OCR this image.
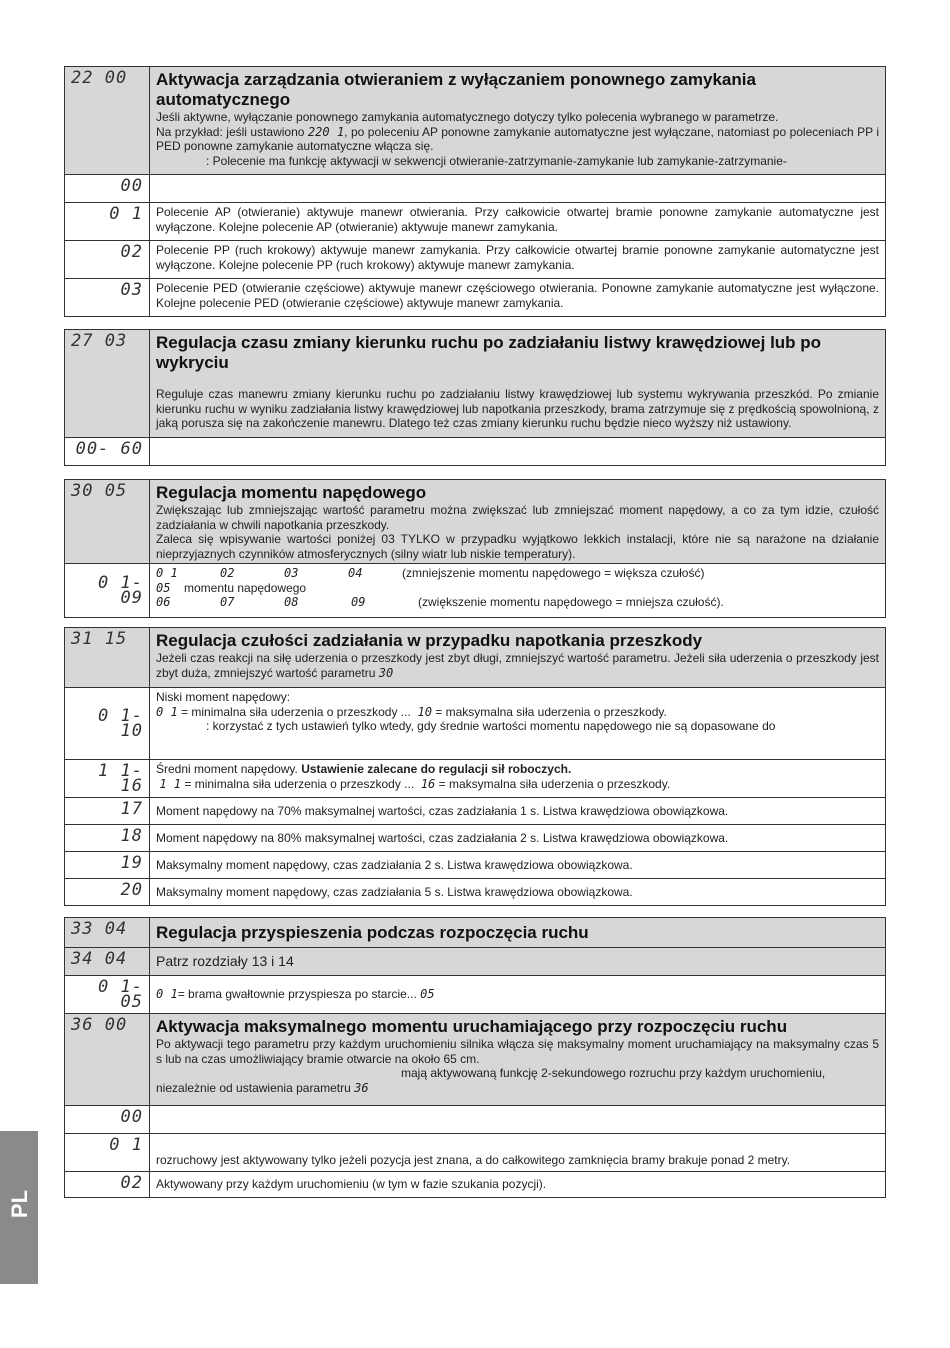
22 00	Aktywacja zarządzania otwieraniem z wyłączaniem ponownego zamykania automatycznego
Jeśli aktywne, wyłączanie ponownego zamykania automatycznego dotyczy tylko polecenia wybranego w parametrze.
Na przykład: jeśli ustawiono 220 1, po poleceniu AP ponowne zamykanie automatyczne jest wyłączane, natomiast po poleceniach PP i PED ponowne zamykanie automatyczne włącza się.
: Polecenie ma funkcję aktywacji w sekwencji otwieranie-zatrzymanie-zamykanie lub zamykanie-zatrzymanie-

00	
0 1	Polecenie AP (otwieranie) aktywuje manewr otwierania. Przy całkowicie otwartej bramie ponowne zamykanie automatyczne jest wyłączone. Kolejne polecenie AP (otwieranie) aktywuje manewr zamykania.
02	Polecenie PP (ruch krokowy) aktywuje manewr zamykania. Przy całkowicie otwartej bramie ponowne zamykanie automatyczne jest wyłączone. Kolejne polecenie PP (ruch krokowy) aktywuje manewr zamykania.
03	Polecenie PED (otwieranie częściowe) aktywuje manewr częściowego otwierania. Ponowne zamykanie automatyczne jest wyłączone. Kolejne polecenie PED (otwieranie częściowe) aktywuje manewr zamykania.
27 03	Regulacja czasu zmiany kierunku ruchu po zadziałaniu listwy krawędziowej lub po wykryciu
Reguluje czas manewru zmiany kierunku ruchu po zadziałaniu listwy krawędziowej lub systemu wykrywania przeszkód. Po zmianie kierunku ruchu w wyniku zadziałania listwy krawędziowej lub napotkania przeszkody, brama zatrzymuje się z prędkością spowolnioną, z jaką porusza się na zakończenie manewru. Dlatego też czas zmiany kierunku ruchu będzie nieco wyższy niż ustawiony.

00- 60	
30 05	Regulacja momentu napędowego
Zwiększając lub zmniejszając wartość parametru można zwiększać lub zmniejszać moment napędowy, a co za tym idzie, czułość zadziałania w chwili napotkania przeszkody.
Zaleca się wpisywanie wartości poniżej 03 TYLKO w przypadku wyjątkowo lekkich instalacji, które nie są narażone na działanie nieprzyjaznych czynników atmosferycznych (silny wiatr lub niskie temperatury).

0 1- 09	0 1 02 03 04 (zmniejszenie momentu napędowego = większa czułość)
05 momentu napędowego
06 07 08 09 (zwiększenie momentu napędowego = mniejsza czułość).
31 15	Regulacja czułości zadziałania w przypadku napotkania przeszkody
Jeżeli czas reakcji na siłę uderzenia o przeszkody jest zbyt długi, zmniejszyć wartość parametru. Jeżeli siła uderzenia o przeszkody jest zbyt duża, zmniejszyć wartość parametru 30

0 1- 10	Niski moment napędowy:
0 1 = minimalna siła uderzenia o przeszkody ... 10 = maksymalna siła uderzenia o przeszkody.
: korzystać z tych ustawień tylko wtedy, gdy średnie wartości momentu napędowego nie są dopasowane do

1 1- 16	Średni moment napędowy. Ustawienie zalecane do regulacji sił roboczych.
1 1 = minimalna siła uderzenia o przeszkody ... 16 = maksymalna siła uderzenia o przeszkody.

17	Moment napędowy na 70% maksymalnej wartości, czas zadziałania 1 s. Listwa krawędziowa obowiązkowa.
18	Moment napędowy na 80% maksymalnej wartości, czas zadziałania 2 s. Listwa krawędziowa obowiązkowa.
19	Maksymalny moment napędowy, czas zadziałania 2 s. Listwa krawędziowa obowiązkowa.
20	Maksymalny moment napędowy, czas zadziałania 5 s. Listwa krawędziowa obowiązkowa.
33 04	Regulacja przyspieszenia podczas rozpoczęcia ruchu

34 04	Patrz rozdziały 13 i 14
0 1- 05	0 1= brama gwałtownie przyspiesza po starcie... 05
36 00	Aktywacja maksymalnego momentu uruchamiającego przy rozpoczęciu ruchu
Po aktywacji tego parametru przy każdym uruchomieniu silnika włącza się maksymalny moment uruchamiający na maksymalny czas 5 s lub na czas umożliwiający bramie otwarcie na około 65 cm.
mają aktywowaną funkcję 2-sekundowego rozruchu przy każdym uruchomieniu,
niezależnie od ustawienia parametru 36

00	
0 1	rozruchowy jest aktywowany tylko jeżeli pozycja jest znana, a do całkowitego zamknięcia bramy brakuje ponad 2 metry.
02	Aktywowany przy każdym uruchomieniu (w tym w fazie szukania pozycji).
PL
